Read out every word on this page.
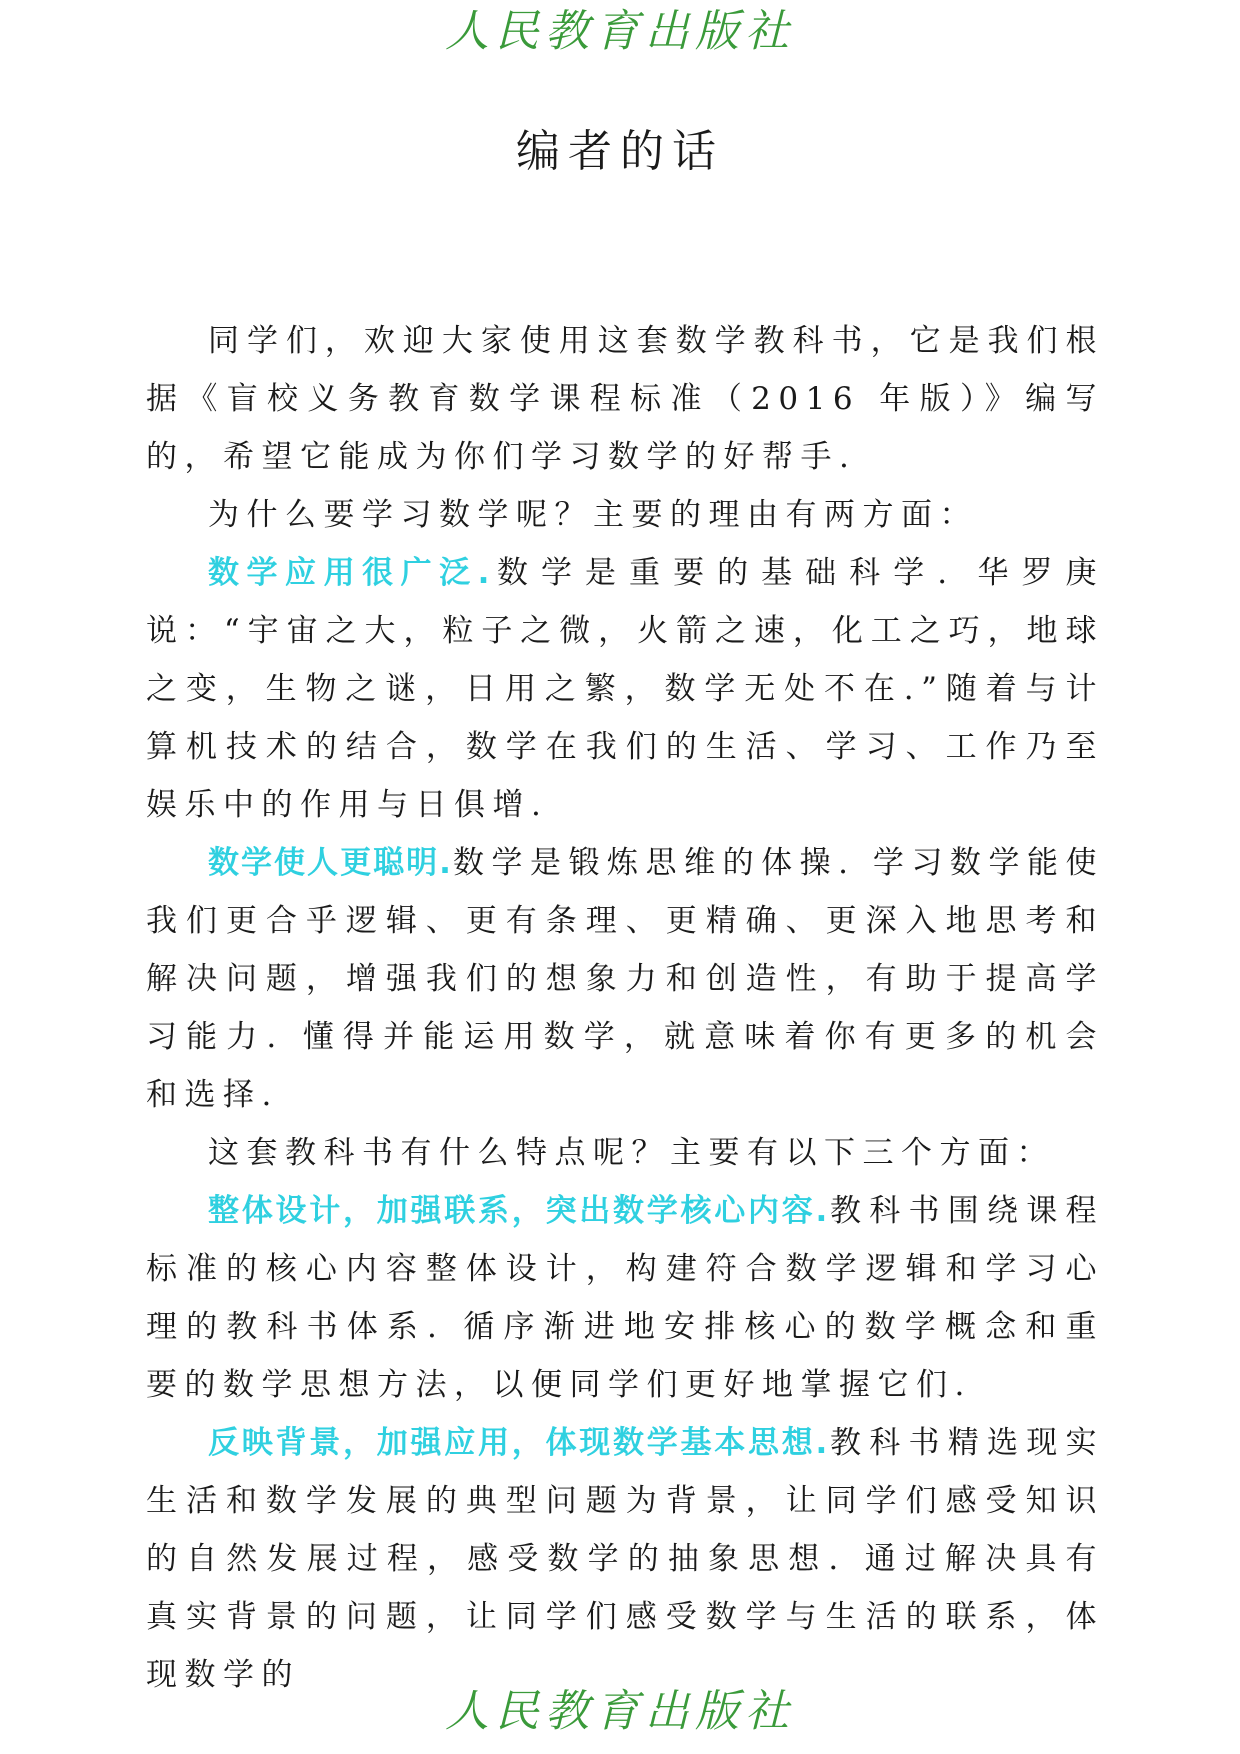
人民教育出版社
编者的话

同学们，欢迎大家使用这套数学教科书，它是我们根据《盲校义务教育数学课程标准（2016 年版）》编写的，希望它能成为你们学习数学的好帮手.

为什么要学习数学呢？主要的理由有两方面：

数学应用很广泛.数学是重要的基础科学. 华罗庚说：“宇宙之大，粒子之微，火箭之速，化工之巧，地球之变，生物之谜，日用之繁，数学无处不在.”随着与计算机技术的结合，数学在我们的生活、学习、工作乃至娱乐中的作用与日俱增.

数学使人更聪明.数学是锻炼思维的体操. 学习数学能使我们更合乎逻辑、更有条理、更精确、更深入地思考和解决问题，增强我们的想象力和创造性，有助于提高学习能力. 懂得并能运用数学，就意味着你有更多的机会和选择.

这套教科书有什么特点呢？主要有以下三个方面：

整体设计，加强联系，突出数学核心内容.教科书围绕课程标准的核心内容整体设计，构建符合数学逻辑和学习心理的教科书体系. 循序渐进地安排核心的数学概念和重要的数学思想方法，以便同学们更好地掌握它们.

反映背景，加强应用，体现数学基本思想.教科书精选现实生活和数学发展的典型问题为背景，让同学们感受知识的自然发展过程，感受数学的抽象思想. 通过解决具有真实背景的问题，让同学们感受数学与生活的联系，体现数学的

人民教育出版社
